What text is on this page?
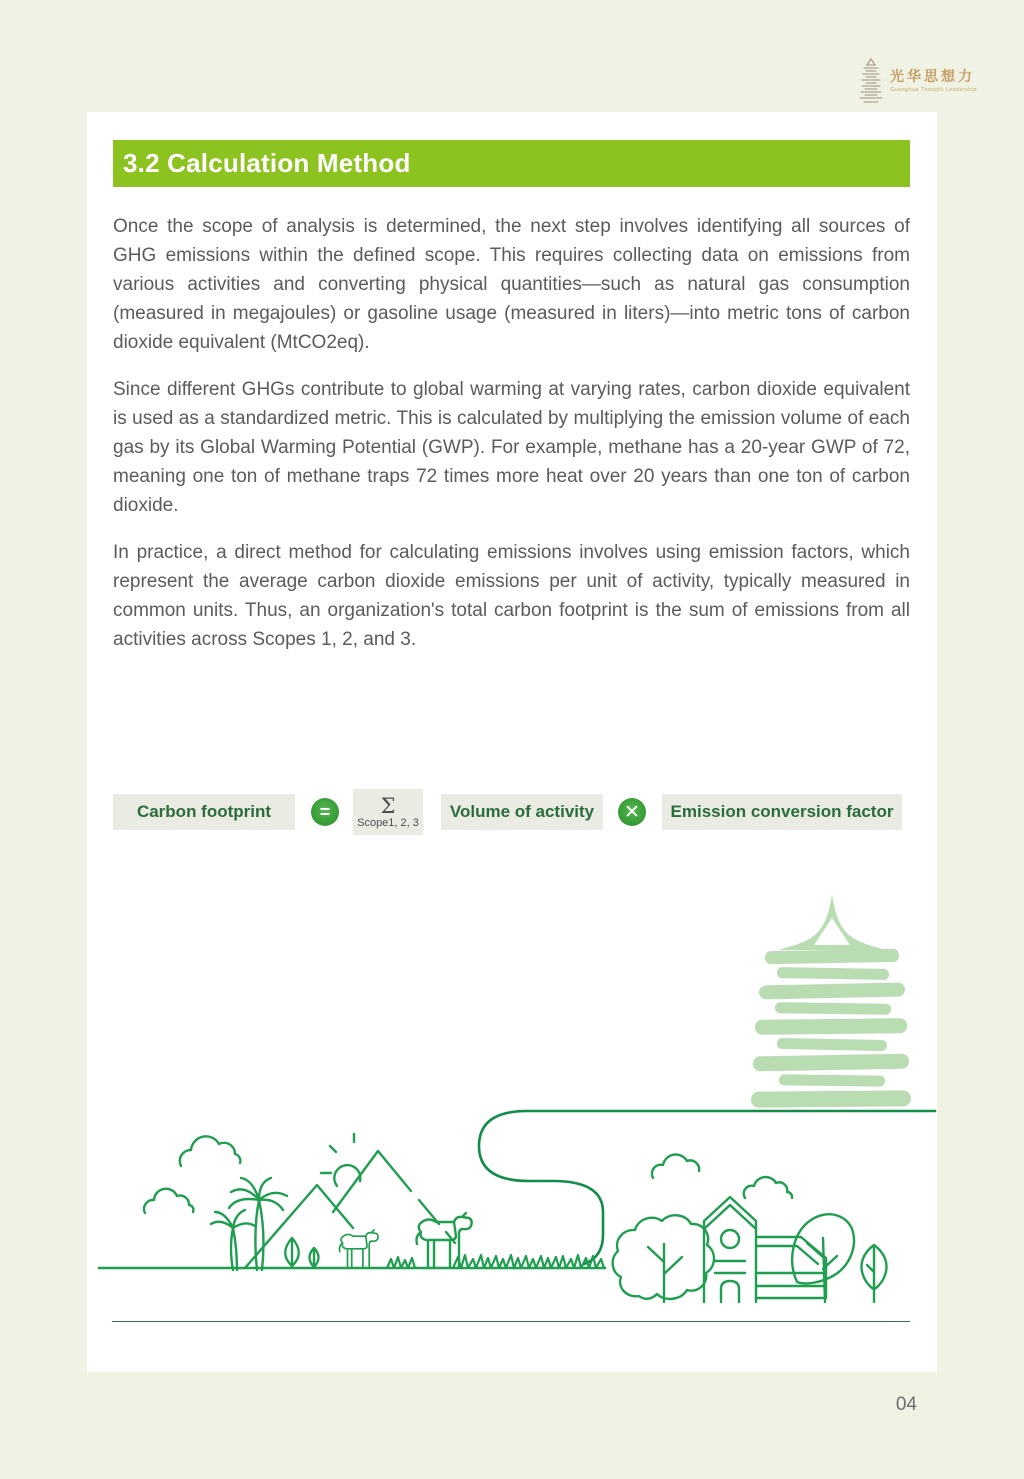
光华思想力
Guanghua Thought Leadership
3.2 Calculation Method

Once the scope of analysis is determined, the next step involves identifying all sources of GHG emissions within the defined scope. This requires collecting data on emissions from various activities and converting physical quantities—such as natural gas consumption (measured in megajoules) or gasoline usage (measured in liters)—into metric tons of carbon dioxide equivalent (MtCO2eq).

Since different GHGs contribute to global warming at varying rates, carbon dioxide equivalent is used as a standardized metric. This is calculated by multiplying the emission volume of each gas by its Global Warming Potential (GWP). For example, methane has a 20-year GWP of 72, meaning one ton of methane traps 72 times more heat over 20 years than one ton of carbon dioxide.

In practice, a direct method for calculating emissions involves using emission factors, which represent the average carbon dioxide emissions per unit of activity, typically measured in common units. Thus, an organization's total carbon footprint is the sum of emissions from all activities across Scopes 1, 2, and 3.

Carbon footprint	=	Σ
Scope1, 2, 3
Volume of activity	✕	Emission conversion factor
04
